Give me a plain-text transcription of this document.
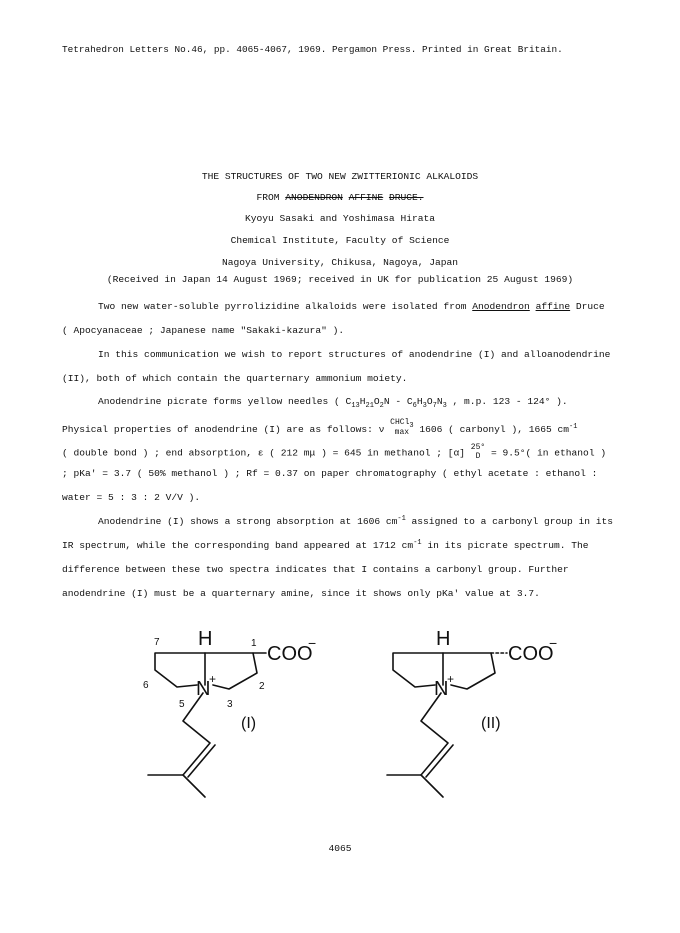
Tetrahedron Letters No.46, pp. 4065-4067, 1969. Pergamon Press. Printed in Great Britain.
THE STRUCTURES OF TWO NEW ZWITTERIONIC ALKALOIDS
FROM ANODENDRON AFFINE DRUCE.
Kyoyu Sasaki and Yoshimasa Hirata
Chemical Institute, Faculty of Science
Nagoya University, Chikusa, Nagoya, Japan
(Received in Japan 14 August 1969; received in UK for publication 25 August 1969)
Two new water-soluble pyrrolizidine alkaloids were isolated from Anodendron affine Druce
( Apocyanaceae ; Japanese name "Sakaki-kazura" ).
In this communication we wish to report structures of anodendrine (I) and alloanodendrine
(II), both of which contain the quarternary ammonium moiety.
Anodendrine picrate forms yellow needles ( $C_{13}H_{21}O_2N - C_6H_3O_7N_3$ , m.p. 123 - 124° ).
Physical properties of anodendrine (I) are as follows: ν
CHCl3
max 1606 ( carbonyl ), 1665 $cm^{-1}$
( double bond ) ; end absorption, ε ( 212 mμ ) = 645 in methanol ; [α]
25°
D = 9.5°( in ethanol )
; pKa' = 3.7 ( 50% methanol ) ; Rf = 0.37 on paper chromatography ( ethyl acetate : ethanol :
water = 5 : 3 : 2 V/V ).
Anodendrine (I) shows a strong absorption at 1606 $cm^{-1}$ assigned to a carbonyl group in its
IR spectrum, while the corresponding band appeared at 1712 $cm^{-1}$ in its picrate spectrum. The
difference between these two spectra indicates that I contains a carbonyl group. Further
anodendrine (I) must be a quarternary amine, since it shows only pKa' value at 3.7.
H
N
+
COO
−
7	1
6	2
5	3
(I)
H
N
+
COO
−
(II)
4065
